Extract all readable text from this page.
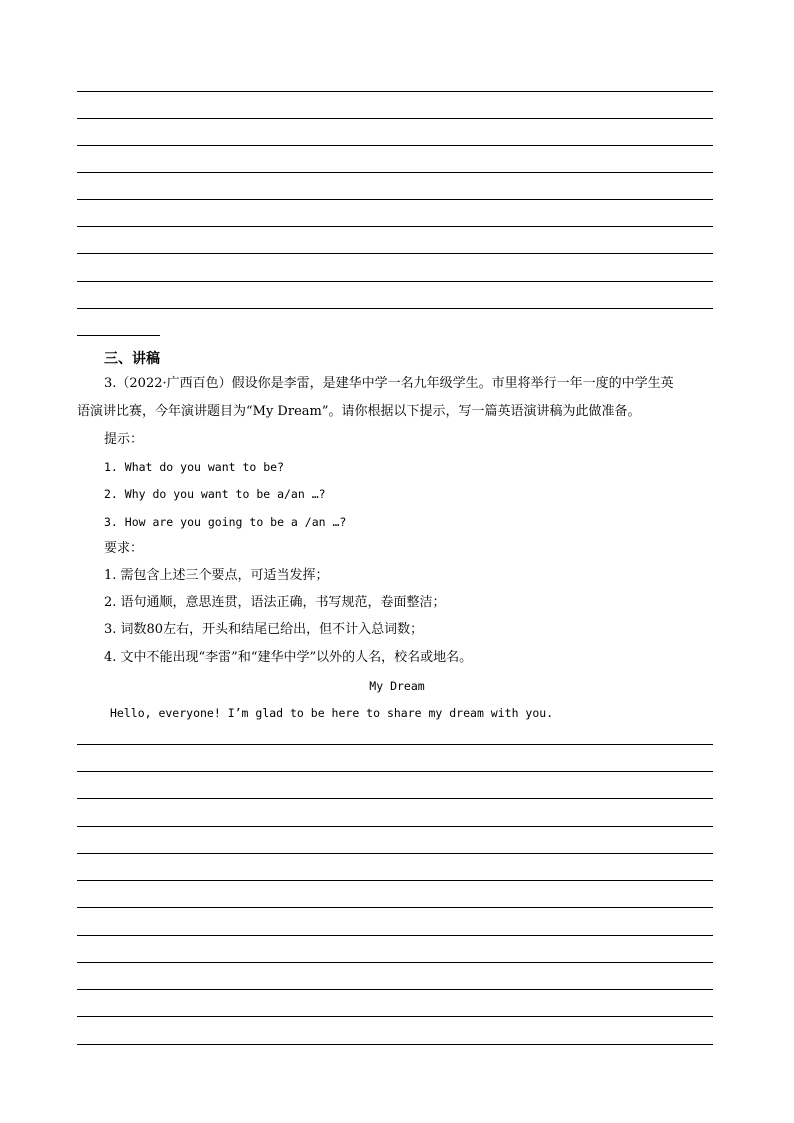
三、讲稿
3.（2022·广西百色）假设你是李雷，是建华中学一名九年级学生。市里将举行一年一度的中学生英
语演讲比赛，今年演讲题目为“My Dream”。请你根据以下提示，写一篇英语演讲稿为此做准备。
提示：
1. What do you want to be?
2. Why do you want to be a/an …?
3. How are you going to be a /an …?
要求：
1. 需包含上述三个要点，可适当发挥；
2. 语句通顺，意思连贯，语法正确，书写规范，卷面整洁；
3. 词数80左右，开头和结尾已给出，但不计入总词数；
4. 文中不能出现“李雷”和“建华中学”以外的人名，校名或地名。
My Dream
Hello, everyone! I’m glad to be here to share my dream with you.
